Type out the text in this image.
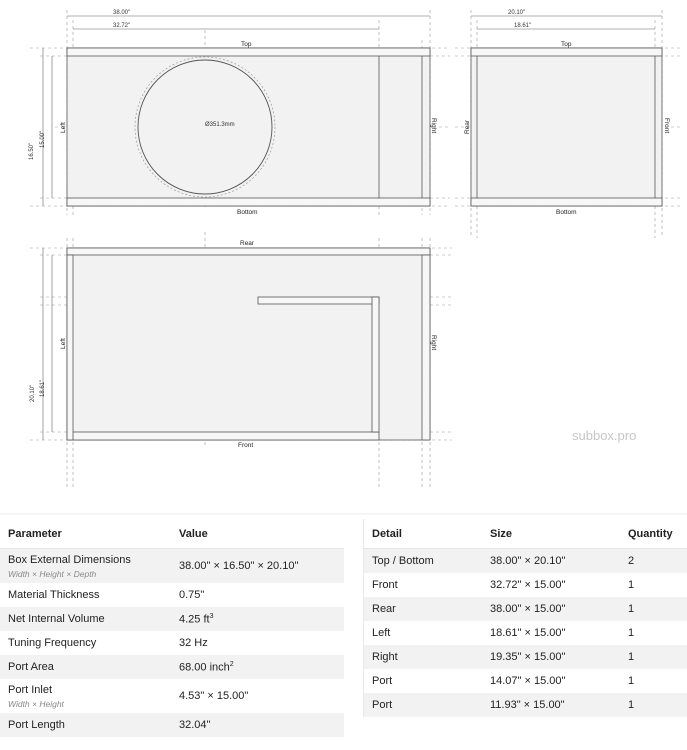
38.00"
32.72"
16.50"
15.00"
Top
Bottom
Left	Right
Ø351.3mm
20.10"
18.61"
Top
Bottom
Rear	Front
Rear
Front
Left	Right
20.10" 18.61"
subbox.pro
Parameter	Value
Box External Dimensions
Width × Height × Depth	38.00" × 16.50" × 20.10"
Material Thickness	0.75"
Net Internal Volume	4.25 $ft^3$
Tuning Frequency	32 Hz
Port Area	68.00 inch$^2$
Port Inlet
Width × Height	4.53" × 15.00"
Port Length	32.04"
Detail	Size	Quantity
Top / Bottom	38.00" × 20.10"	2
Front	32.72" × 15.00"	1
Rear	38.00" × 15.00"	1
Left	18.61" × 15.00"	1
Right	19.35" × 15.00"	1
Port	14.07" × 15.00"	1
Port	11.93" × 15.00"	1
